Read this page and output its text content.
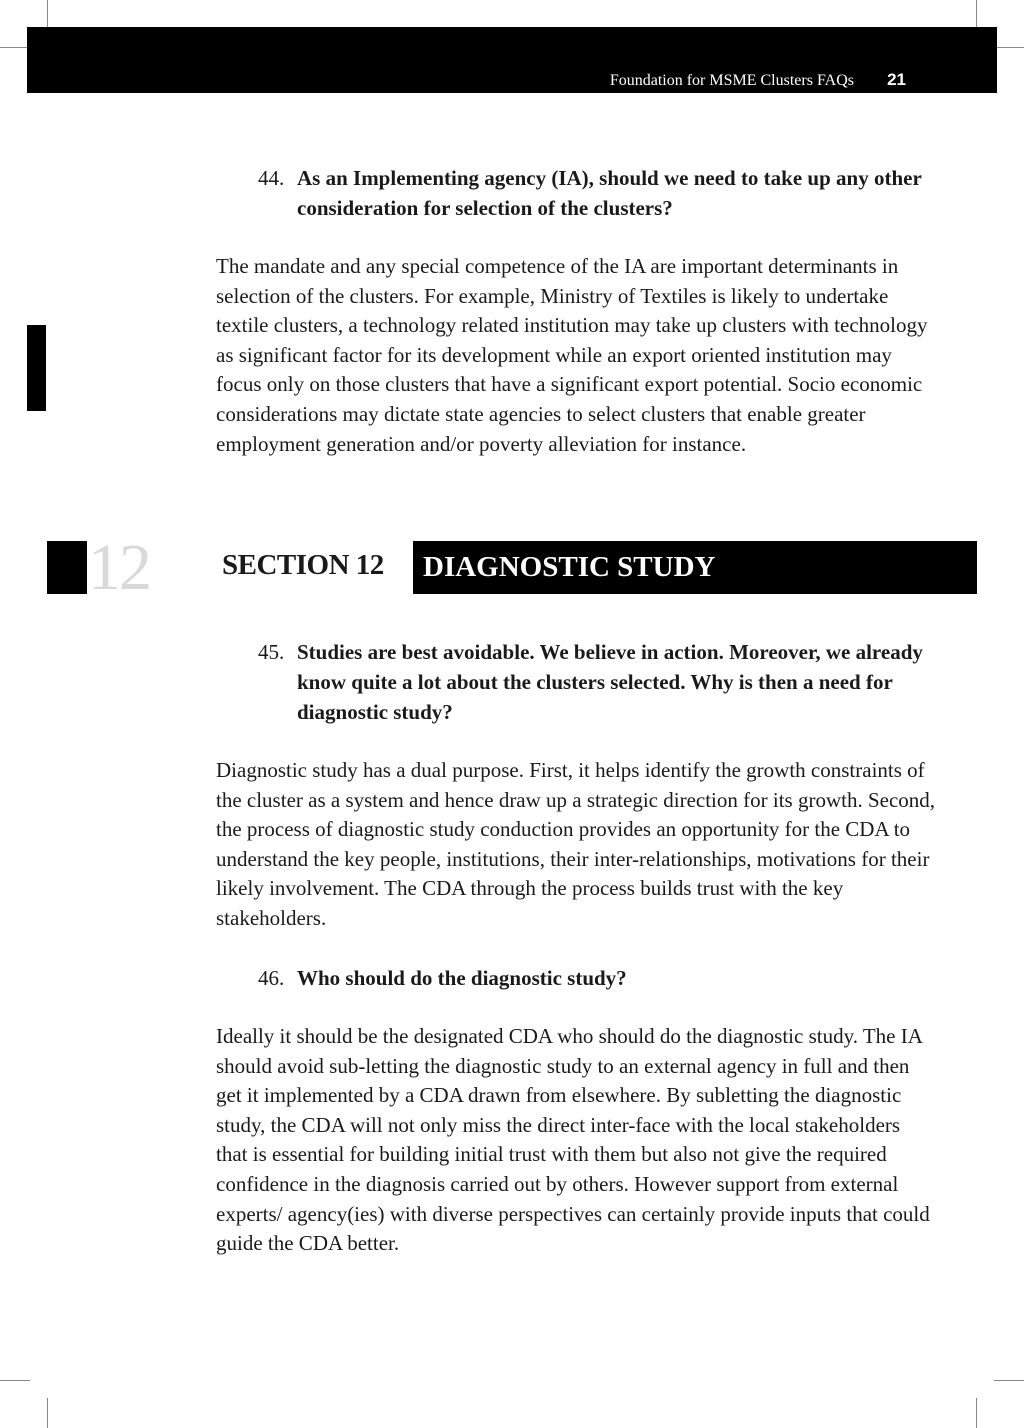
Foundation for MSME Clusters FAQs 21
44. As an Implementing agency (IA), should we need to take up any other consideration for selection of the clusters?

The mandate and any special competence of the IA are important determinants in selection of the clusters. For example, Ministry of Textiles is likely to undertake textile clusters, a technology related institution may take up clusters with technology as significant factor for its development while an export oriented institution may focus only on those clusters that have a significant export potential. Socio economic considerations may dictate state agencies to select clusters that enable greater employment generation and/or poverty alleviation for instance.

12 SECTION 12 DIAGNOSTIC STUDY
45. Studies are best avoidable. We believe in action. Moreover, we already know quite a lot about the clusters selected. Why is then a need for diagnostic study?

Diagnostic study has a dual purpose. First, it helps identify the growth constraints of the cluster as a system and hence draw up a strategic direction for its growth. Second, the process of diagnostic study conduction provides an opportunity for the CDA to understand the key people, institutions, their inter-relationships, motivations for their likely involvement. The CDA through the process builds trust with the key stakeholders.

46. Who should do the diagnostic study?

Ideally it should be the designated CDA who should do the diagnostic study. The IA should avoid sub-letting the diagnostic study to an external agency in full and then get it implemented by a CDA drawn from elsewhere. By subletting the diagnostic study, the CDA will not only miss the direct inter-face with the local stakeholders that is essential for building initial trust with them but also not give the required confidence in the diagnosis carried out by others. However support from external experts/ agency(ies) with diverse perspectives can certainly provide inputs that could guide the CDA better.
